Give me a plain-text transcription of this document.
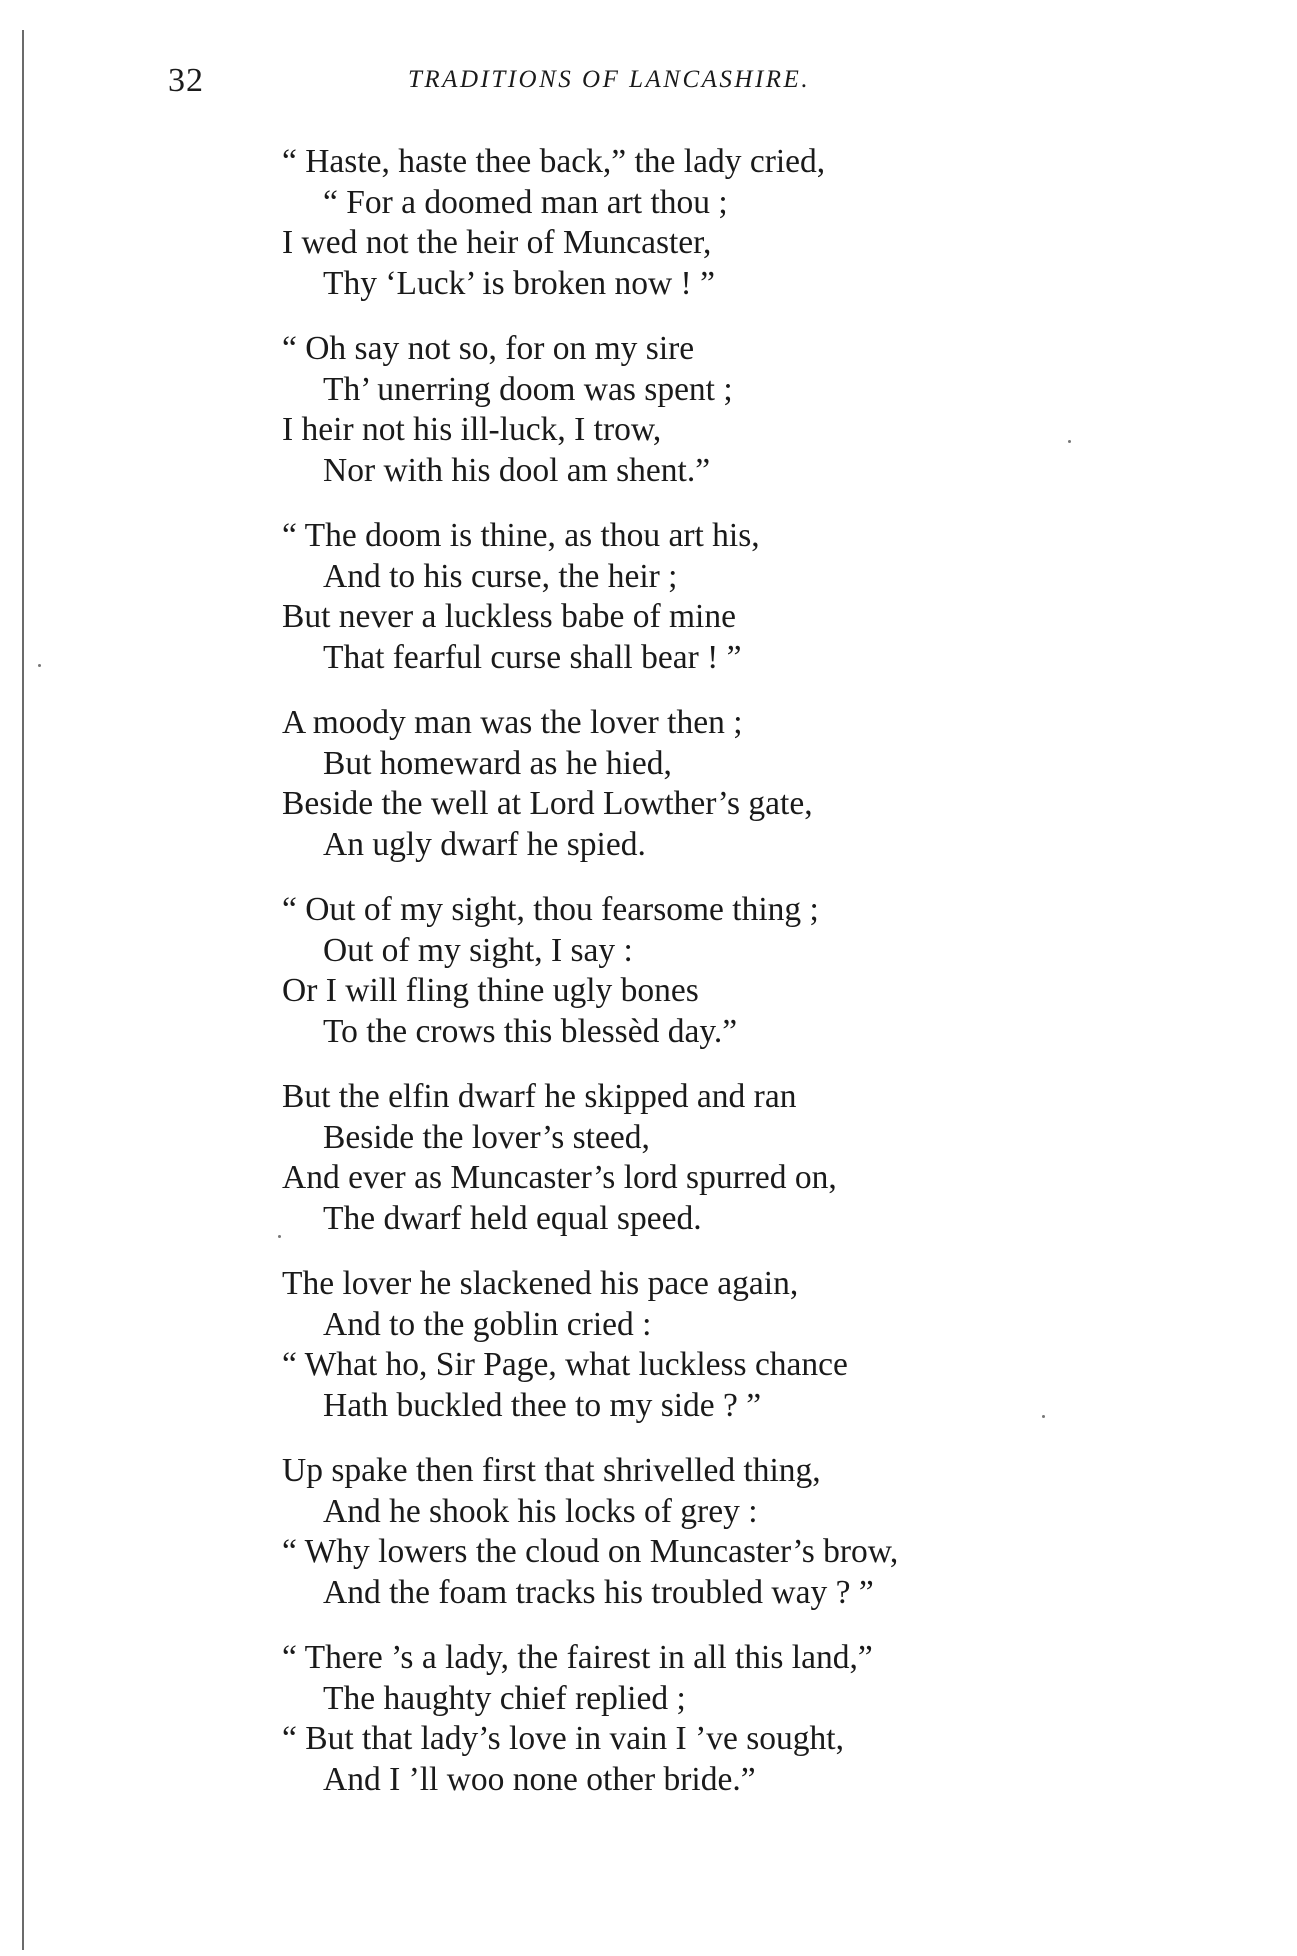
32	TRADITIONS OF LANCASHIRE.
“ Haste, haste thee back,” the lady cried,
“ For a doomed man art thou ;
I wed not the heir of Muncaster,
Thy ‘Luck’ is broken now ! ”
“ Oh say not so, for on my sire
Th’ unerring doom was spent ;
I heir not his ill-luck, I trow,
Nor with his dool am shent.”
“ The doom is thine, as thou art his,
And to his curse, the heir ;
But never a luckless babe of mine
That fearful curse shall bear ! ”
A moody man was the lover then ;
But homeward as he hied,
Beside the well at Lord Lowther’s gate,
An ugly dwarf he spied.
“ Out of my sight, thou fearsome thing ;
Out of my sight, I say :
Or I will fling thine ugly bones
To the crows this blessèd day.”
But the elfin dwarf he skipped and ran
Beside the lover’s steed,
And ever as Muncaster’s lord spurred on,
The dwarf held equal speed.
The lover he slackened his pace again,
And to the goblin cried :
“ What ho, Sir Page, what luckless chance
Hath buckled thee to my side ? ”
Up spake then first that shrivelled thing,
And he shook his locks of grey :
“ Why lowers the cloud on Muncaster’s brow,
And the foam tracks his troubled way ? ”
“ There ’s a lady, the fairest in all this land,”
The haughty chief replied ;
“ But that lady’s love in vain I ’ve sought,
And I ’ll woo none other bride.”
